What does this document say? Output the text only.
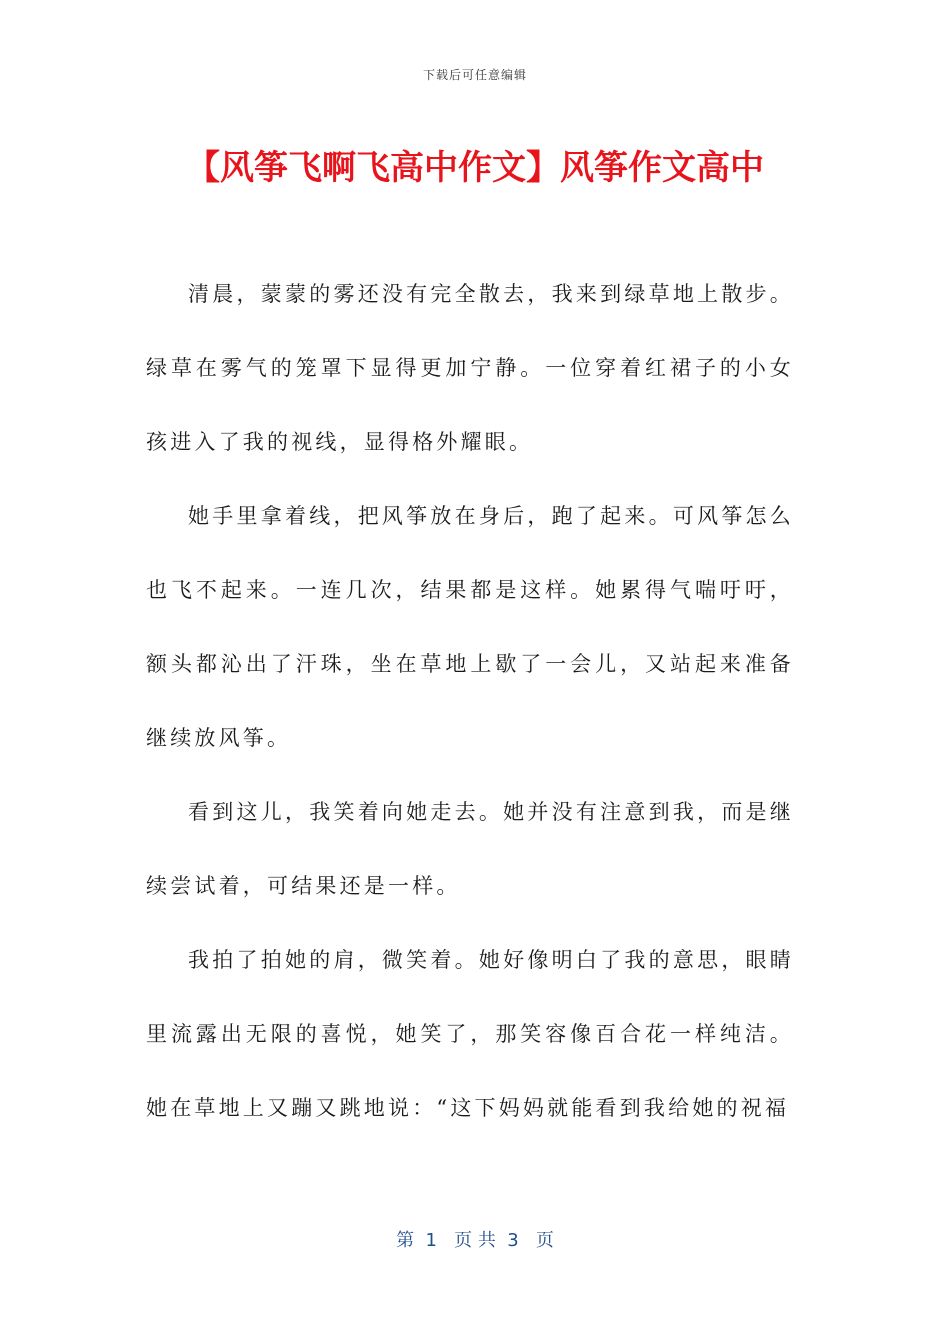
下载后可任意编辑
【风筝飞啊飞高中作文】风筝作文高中

清晨，蒙蒙的雾还没有完全散去，我来到绿草地上散步。绿草在雾气的笼罩下显得更加宁静。一位穿着红裙子的小女孩进入了我的视线，显得格外耀眼。

她手里拿着线，把风筝放在身后，跑了起来。可风筝怎么也飞不起来。一连几次，结果都是这样。她累得气喘吁吁，额头都沁出了汗珠，坐在草地上歇了一会儿，又站起来准备继续放风筝。

看到这儿，我笑着向她走去。她并没有注意到我，而是继续尝试着，可结果还是一样。

我拍了拍她的肩，微笑着。她好像明白了我的意思，眼睛里流露出无限的喜悦，她笑了，那笑容像百合花一样纯洁。她在草地上又蹦又跳地说：“这下妈妈就能看到我给她的祝福

第  1   页 共  3   页
